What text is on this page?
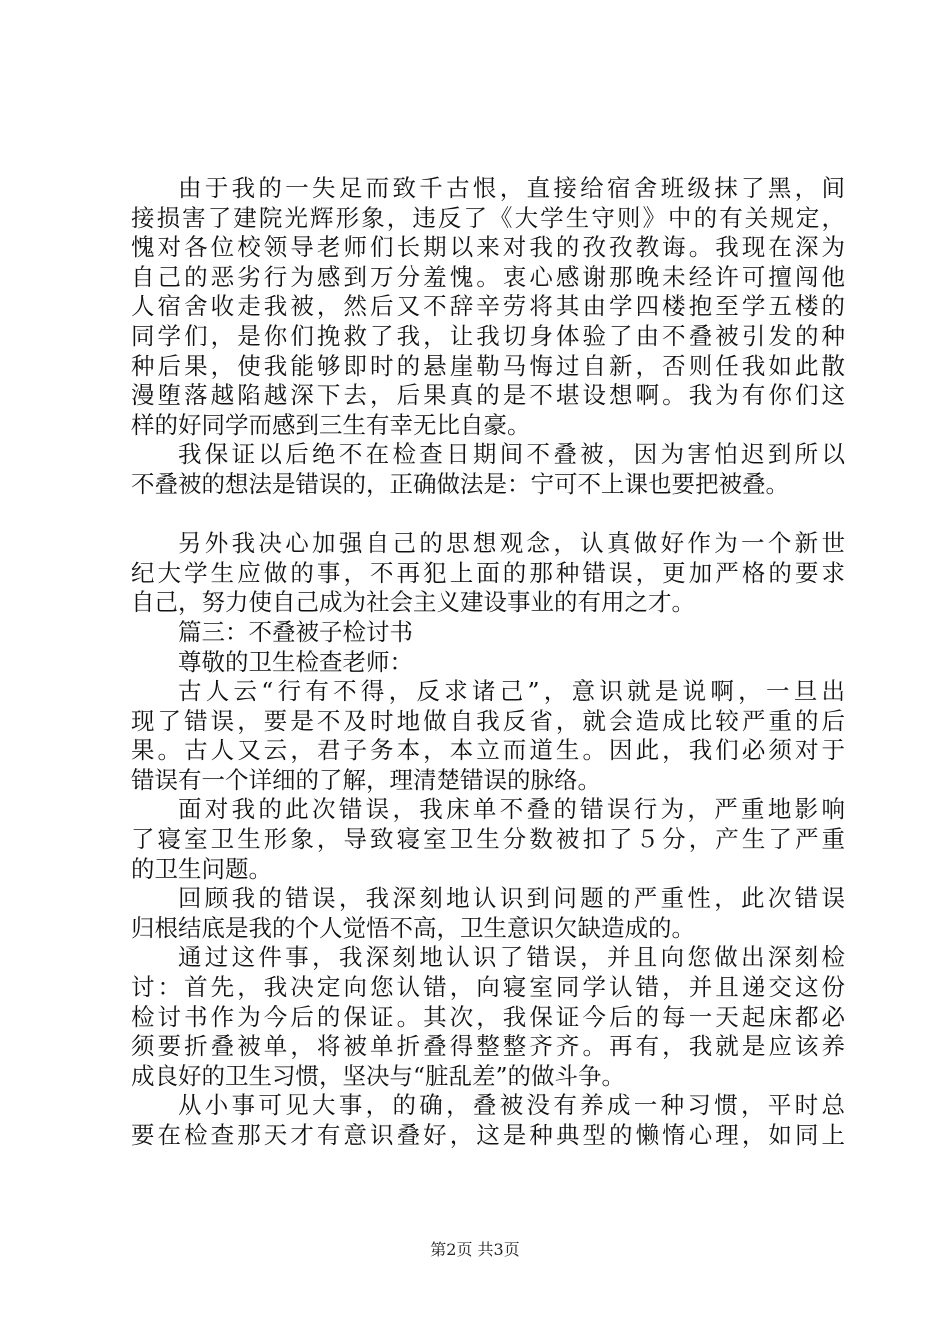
由于我的一失足而致千古恨，直接给宿舍班级抹了黑，间
接损害了建院光辉形象，违反了《大学生守则》中的有关规定，
愧对各位校领导老师们长期以来对我的孜孜教诲。我现在深为
自己的恶劣行为感到万分羞愧。衷心感谢那晚未经许可擅闯他
人宿舍收走我被，然后又不辞辛劳将其由学四楼抱至学五楼的
同学们，是你们挽救了我，让我切身体验了由不叠被引发的种
种后果，使我能够即时的悬崖勒马悔过自新，否则任我如此散
漫堕落越陷越深下去，后果真的是不堪设想啊。我为有你们这
样的好同学而感到三生有幸无比自豪。
我保证以后绝不在检查日期间不叠被，因为害怕迟到所以
不叠被的想法是错误的，正确做法是：宁可不上课也要把被叠。
另外我决心加强自己的思想观念，认真做好作为一个新世
纪大学生应做的事，不再犯上面的那种错误，更加严格的要求
自己，努力使自己成为社会主义建设事业的有用之才。
篇三：不叠被子检讨书
尊敬的卫生检查老师：
古人云“行有不得，反求诸己”，意识就是说啊，一旦出
现了错误，要是不及时地做自我反省，就会造成比较严重的后
果。古人又云，君子务本，本立而道生。因此，我们必须对于
错误有一个详细的了解，理清楚错误的脉络。
面对我的此次错误，我床单不叠的错误行为，严重地影响
了寝室卫生形象，导致寝室卫生分数被扣了５分，产生了严重
的卫生问题。
回顾我的错误，我深刻地认识到问题的严重性，此次错误
归根结底是我的个人觉悟不高，卫生意识欠缺造成的。
通过这件事，我深刻地认识了错误，并且向您做出深刻检
讨：首先，我决定向您认错，向寝室同学认错，并且递交这份
检讨书作为今后的保证。其次，我保证今后的每一天起床都必
须要折叠被单，将被单折叠得整整齐齐。再有，我就是应该养
成良好的卫生习惯，坚决与“脏乱差”的做斗争。
从小事可见大事，的确，叠被没有养成一种习惯，平时总
要在检查那天才有意识叠好，这是种典型的懒惰心理，如同上
第2页 共3页
